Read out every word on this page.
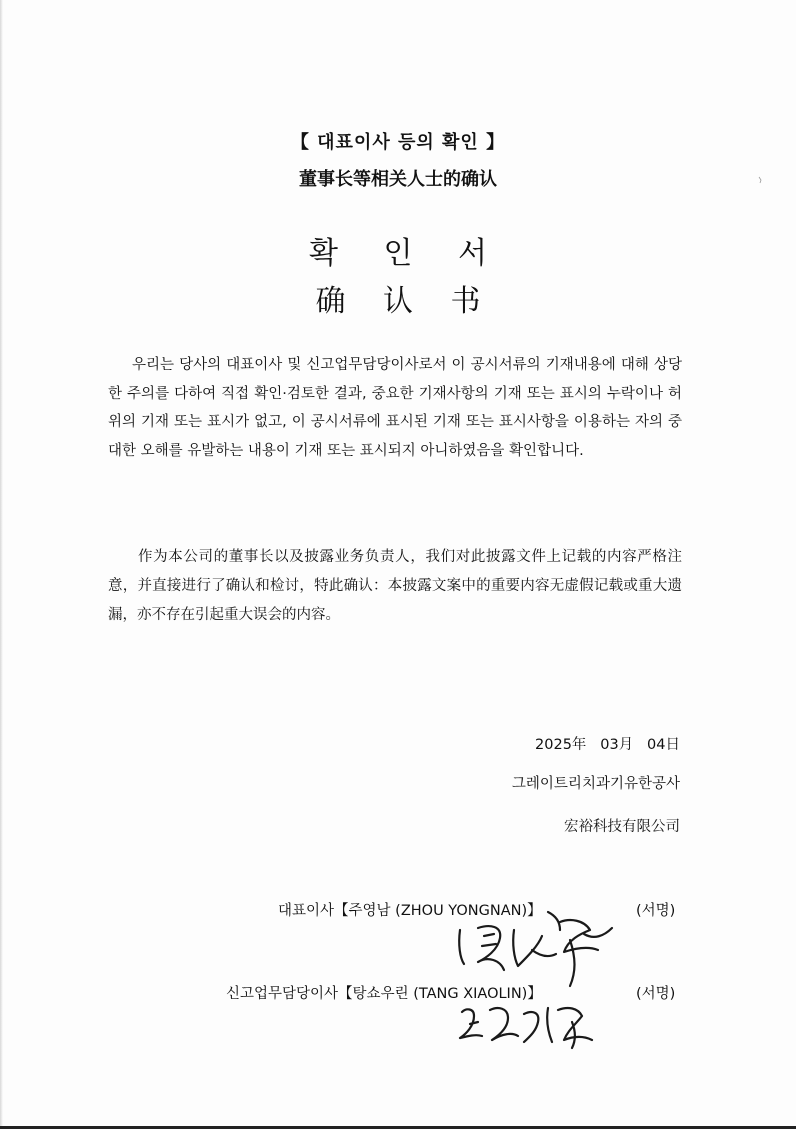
【 대표이사 등의 확인 】
董事长等相关人士的确认
확 인 서
确 认 书

우리는 당사의 대표이사 및 신고업무담당이사로서 이 공시서류의 기재내용에 대해 상당한 주의를 다하여 직접 확인·검토한 결과, 중요한 기재사항의 기재 또는 표시의 누락이나 허위의 기재 또는 표시가 없고, 이 공시서류에 표시된 기재 또는 표시사항을 이용하는 자의 중대한 오해를 유발하는 내용이 기재 또는 표시되지 아니하였음을 확인합니다.

作为本公司的董事长以及披露业务负责人，我们对此披露文件上记载的内容严格注意，并直接进行了确认和检讨，特此确认：本披露文案中的重要内容无虚假记载或重大遗漏，亦不存在引起重大误会的内容。

2025年   03月   04日
그레이트리치과기유한공사
宏裕科技有限公司
대표이사【주영남 (ZHOU YONGNAN)】	(서명)
신고업무담당이사【탕쇼우린 (TANG XIAOLIN)】	(서명)
